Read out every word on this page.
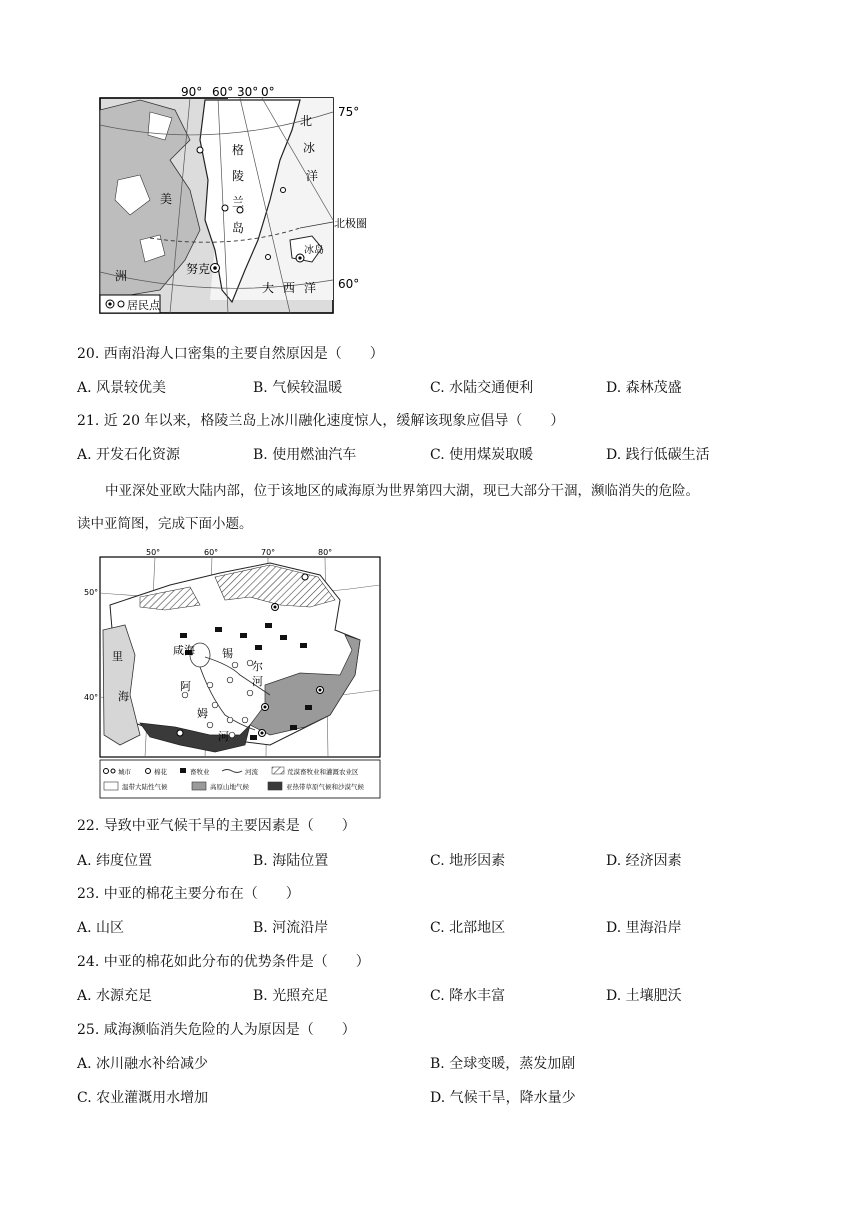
90° 60° 30° 0°
75°
60°
格
陵
兰
岛
美
洲
北
冰
洋
大 西 洋
北极圈
冰岛
努克
居民点
20. 西南沿海人口密集的主要自然原因是（　　）
A. 风景较优美	B. 气候较温暖	C. 水陆交通便利	D. 森林茂盛
21. 近 20 年以来，格陵兰岛上冰川融化速度惊人，缓解该现象应倡导（　　）
A. 开发石化资源	B. 使用燃油汽车	C. 使用煤炭取暖	D. 践行低碳生活
中亚深处亚欧大陆内部，位于该地区的咸海原为世界第四大湖，现已大部分干涸，濒临消失的危险。
读中亚简图，完成下面小题。
50°	60°	70°	80°
50°
40°
里
海
咸海 锡
尔
河
阿
姆
河
城市	棉花	畜牧业	河流	荒漠畜牧业和灌溉农业区
温带大陆性气候	高原山地气候	亚热带草原气候和沙漠气候
22. 导致中亚气候干旱的主要因素是（　　）
A. 纬度位置	B. 海陆位置	C. 地形因素	D. 经济因素
23. 中亚的棉花主要分布在（　　）
A. 山区	B. 河流沿岸	C. 北部地区	D. 里海沿岸
24. 中亚的棉花如此分布的优势条件是（　　）
A. 水源充足	B. 光照充足	C. 降水丰富	D. 土壤肥沃
25. 咸海濒临消失危险的人为原因是（　　）
A. 冰川融水补给减少	B. 全球变暖，蒸发加剧
C. 农业灌溉用水增加	D. 气候干旱，降水量少
